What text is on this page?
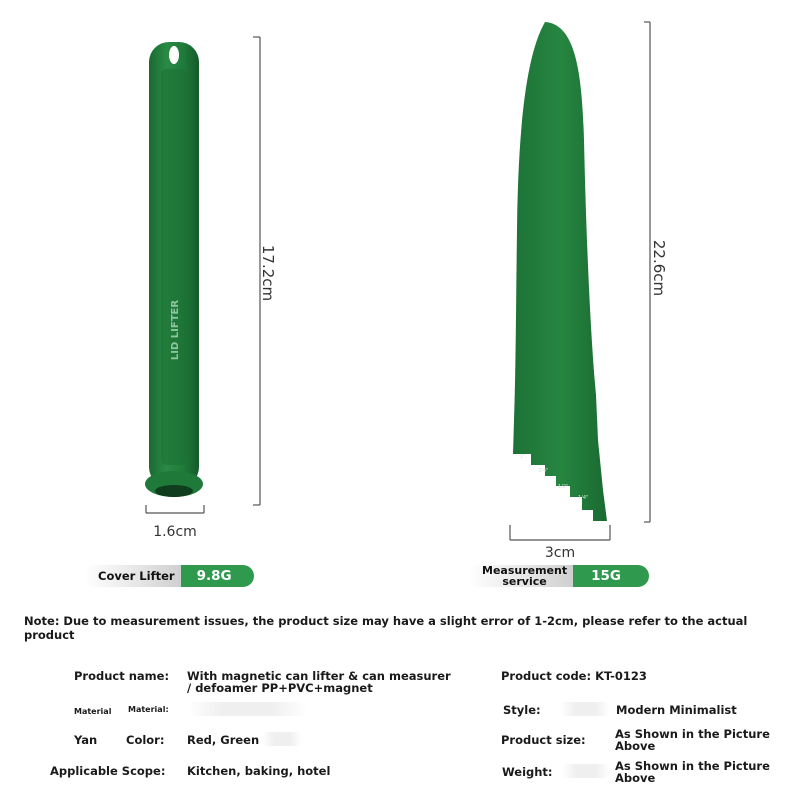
LID LIFTER
17.2cm
1.6cm
1"
3/4"
1/2"
1/4"
22.6cm
3cm
Cover Lifter	9.8G	Measurement
service	15G
Note: Due to measurement issues, the product size may have a slight error of 1-2cm, please refer to the actual product
Product name: With magnetic can lifter & can measurer
/ defoamer PP+PVC+magnet
Product code: KT-0123
Material Material:	Style:	Modern Minimalist
Yan	Color: Red, Green	Product size:	As Shown in the Picture Above
Applicable Scope: Kitchen, baking, hotel	Weight:	As Shown in the Picture Above
